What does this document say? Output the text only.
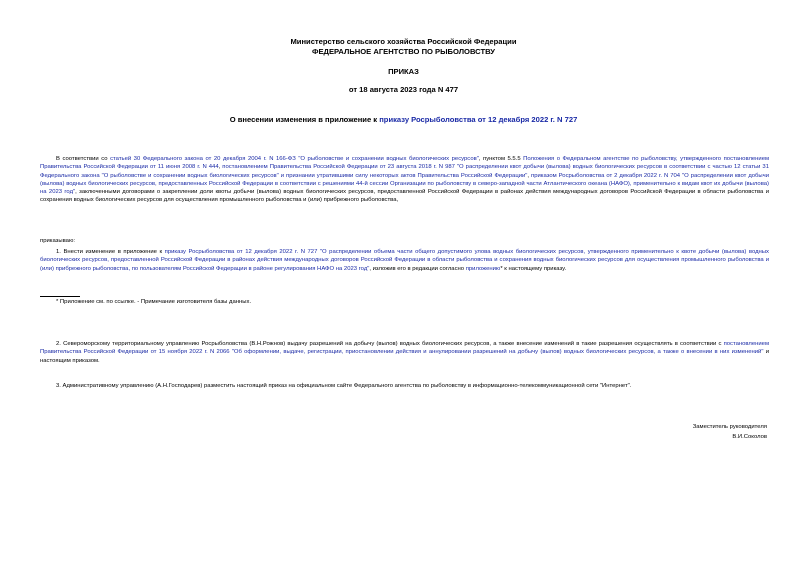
Министерство сельского хозяйства Российской Федерации
ФЕДЕРАЛЬНОЕ АГЕНТСТВО ПО РЫБОЛОВСТВУ
ПРИКАЗ
от 18 августа 2023 года N 477
О внесении изменения в приложение к приказу Росрыболовства от 12 декабря 2022 г. N 727
В соответствии со статьей 30 Федерального закона от 20 декабря 2004 г. N 166-ФЗ "О рыболовстве и сохранении водных биологических ресурсов", пунктом 5.5.5 Положения о Федеральном агентстве по рыболовству, утвержденного постановлением Правительства Российской Федерации от 11 июня 2008 г. N 444, постановлением Правительства Российской Федерации от 23 августа 2018 г. N 987 "О распределении квот добычи (вылова) водных биологических ресурсов в соответствии с частью 12 статьи 31 Федерального закона "О рыболовстве и сохранении водных биологических ресурсов" и признании утратившими силу некоторых актов Правительства Российской Федерации", приказом Росрыболовства от 2 декабря 2022 г. N 704 "О распределении квот добычи (вылова) водных биологических ресурсов, предоставленных Российской Федерации в соответствии с решениями 44-й сессии Организации по рыболовству в северо-западной части Атлантического океана (НАФО), применительно к видам квот их добычи (вылова) на 2023 год", заключенными договорами о закреплении доли квоты добычи (вылова) водных биологических ресурсов, предоставленной Российской Федерации в районах действия международных договоров Российской Федерации в области рыболовства и сохранения водных биологических ресурсов для осуществления промышленного рыболовства и (или) прибрежного рыболовства,
приказываю:
1. Внести изменение в приложение к приказу Росрыболовства от 12 декабря 2022 г. N 727 "О распределении объема части общего допустимого улова водных биологических ресурсов, утвержденного применительно к квоте добычи (вылова) водных биологических ресурсов, предоставленной Российской Федерации в районах действия международных договоров Российской Федерации в области рыболовства и сохранения водных биологических ресурсов для осуществления промышленного рыболовства и (или) прибрежного рыболовства, по пользователям Российской Федерации в районе регулирования НАФО на 2023 год", изложив его в редакции согласно приложению* к настоящему приказу.
* Приложение см. по ссылке. - Примечание изготовителя базы данных.
2. Североморскому территориальному управлению Росрыболовства (В.Н.Рожнов) выдачу разрешений на добычу (вылов) водных биологических ресурсов, а также внесение изменений в такие разрешения осуществлять в соответствии с постановлением Правительства Российской Федерации от 15 ноября 2022 г. N 2066 "Об оформлении, выдаче, регистрации, приостановлении действия и аннулировании разрешений на добычу (вылов) водных биологических ресурсов, а также о внесении в них изменений" и настоящим приказом.
3. Административному управлению (А.Н.Господарев) разместить настоящий приказ на официальном сайте Федерального агентства по рыболовству в информационно-телекоммуникационной сети "Интернет".
Заместитель руководителя
В.И.Соколов
